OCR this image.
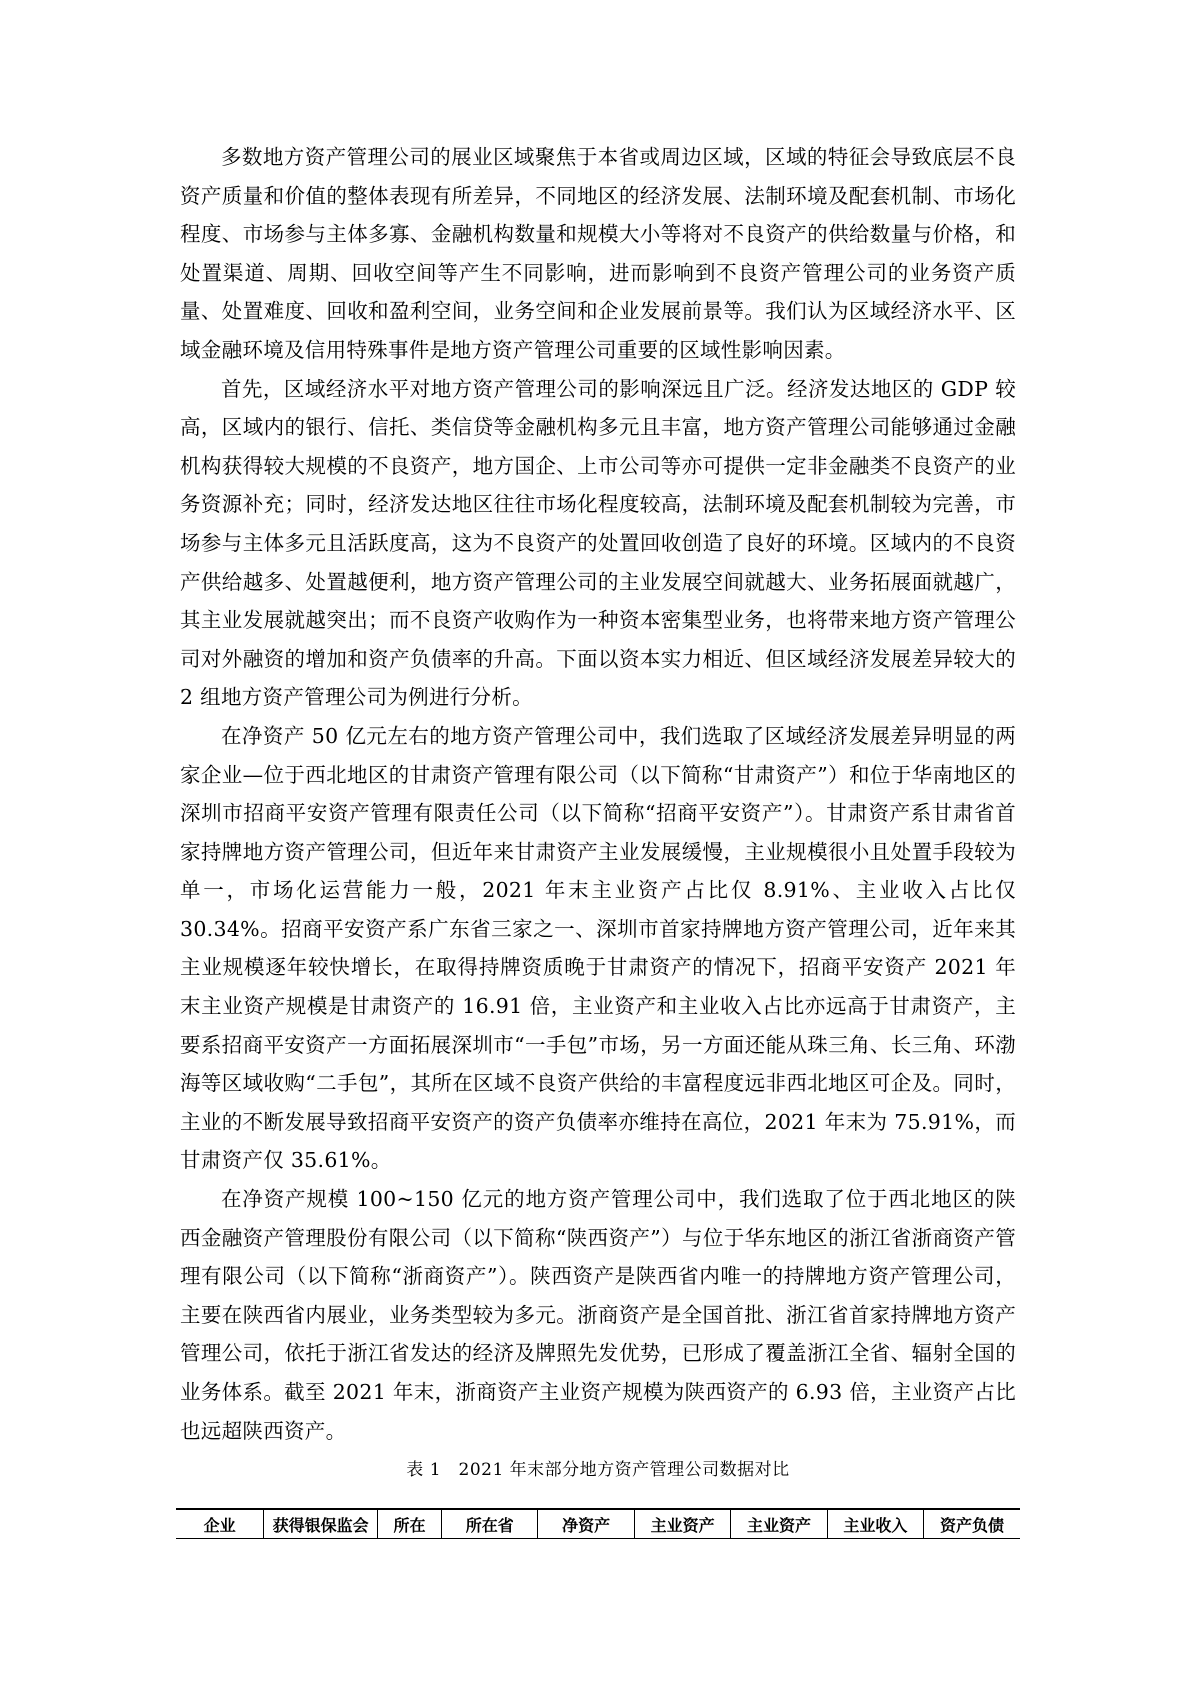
多数地方资产管理公司的展业区域聚焦于本省或周边区域，区域的特征会导致底层不良资产质量和价值的整体表现有所差异，不同地区的经济发展、法制环境及配套机制、市场化程度、市场参与主体多寡、金融机构数量和规模大小等将对不良资产的供给数量与价格，和处置渠道、周期、回收空间等产生不同影响，进而影响到不良资产管理公司的业务资产质量、处置难度、回收和盈利空间，业务空间和企业发展前景等。我们认为区域经济水平、区域金融环境及信用特殊事件是地方资产管理公司重要的区域性影响因素。

首先，区域经济水平对地方资产管理公司的影响深远且广泛。经济发达地区的 GDP 较高，区域内的银行、信托、类信贷等金融机构多元且丰富，地方资产管理公司能够通过金融机构获得较大规模的不良资产，地方国企、上市公司等亦可提供一定非金融类不良资产的业务资源补充；同时，经济发达地区往往市场化程度较高，法制环境及配套机制较为完善，市场参与主体多元且活跃度高，这为不良资产的处置回收创造了良好的环境。区域内的不良资产供给越多、处置越便利，地方资产管理公司的主业发展空间就越大、业务拓展面就越广，其主业发展就越突出；而不良资产收购作为一种资本密集型业务，也将带来地方资产管理公司对外融资的增加和资产负债率的升高。下面以资本实力相近、但区域经济发展差异较大的 2 组地方资产管理公司为例进行分析。

在净资产 50 亿元左右的地方资产管理公司中，我们选取了区域经济发展差异明显的两家企业—位于西北地区的甘肃资产管理有限公司（以下简称“甘肃资产”）和位于华南地区的深圳市招商平安资产管理有限责任公司（以下简称“招商平安资产”）。甘肃资产系甘肃省首家持牌地方资产管理公司，但近年来甘肃资产主业发展缓慢，主业规模很小且处置手段较为单一，市场化运营能力一般，2021 年末主业资产占比仅 8.91%、主业收入占比仅 30.34%。招商平安资产系广东省三家之一、深圳市首家持牌地方资产管理公司，近年来其主业规模逐年较快增长，在取得持牌资质晚于甘肃资产的情况下，招商平安资产 2021 年末主业资产规模是甘肃资产的 16.91 倍，主业资产和主业收入占比亦远高于甘肃资产，主要系招商平安资产一方面拓展深圳市“一手包”市场，另一方面还能从珠三角、长三角、环渤海等区域收购“二手包”，其所在区域不良资产供给的丰富程度远非西北地区可企及。同时，主业的不断发展导致招商平安资产的资产负债率亦维持在高位，2021 年末为 75.91%，而甘肃资产仅 35.61%。

在净资产规模 100~150 亿元的地方资产管理公司中，我们选取了位于西北地区的陕西金融资产管理股份有限公司（以下简称“陕西资产”）与位于华东地区的浙江省浙商资产管理有限公司（以下简称“浙商资产”）。陕西资产是陕西省内唯一的持牌地方资产管理公司，主要在陕西省内展业，业务类型较为多元。浙商资产是全国首批、浙江省首家持牌地方资产管理公司，依托于浙江省发达的经济及牌照先发优势，已形成了覆盖浙江全省、辐射全国的业务体系。截至 2021 年末，浙商资产主业资产规模为陕西资产的 6.93 倍，主业资产占比也远超陕西资产。

表 1　2021 年末部分地方资产管理公司数据对比

企业	获得银保监会	所在	所在省	净资产	主业资产	主业资产	主业收入	资产负债
